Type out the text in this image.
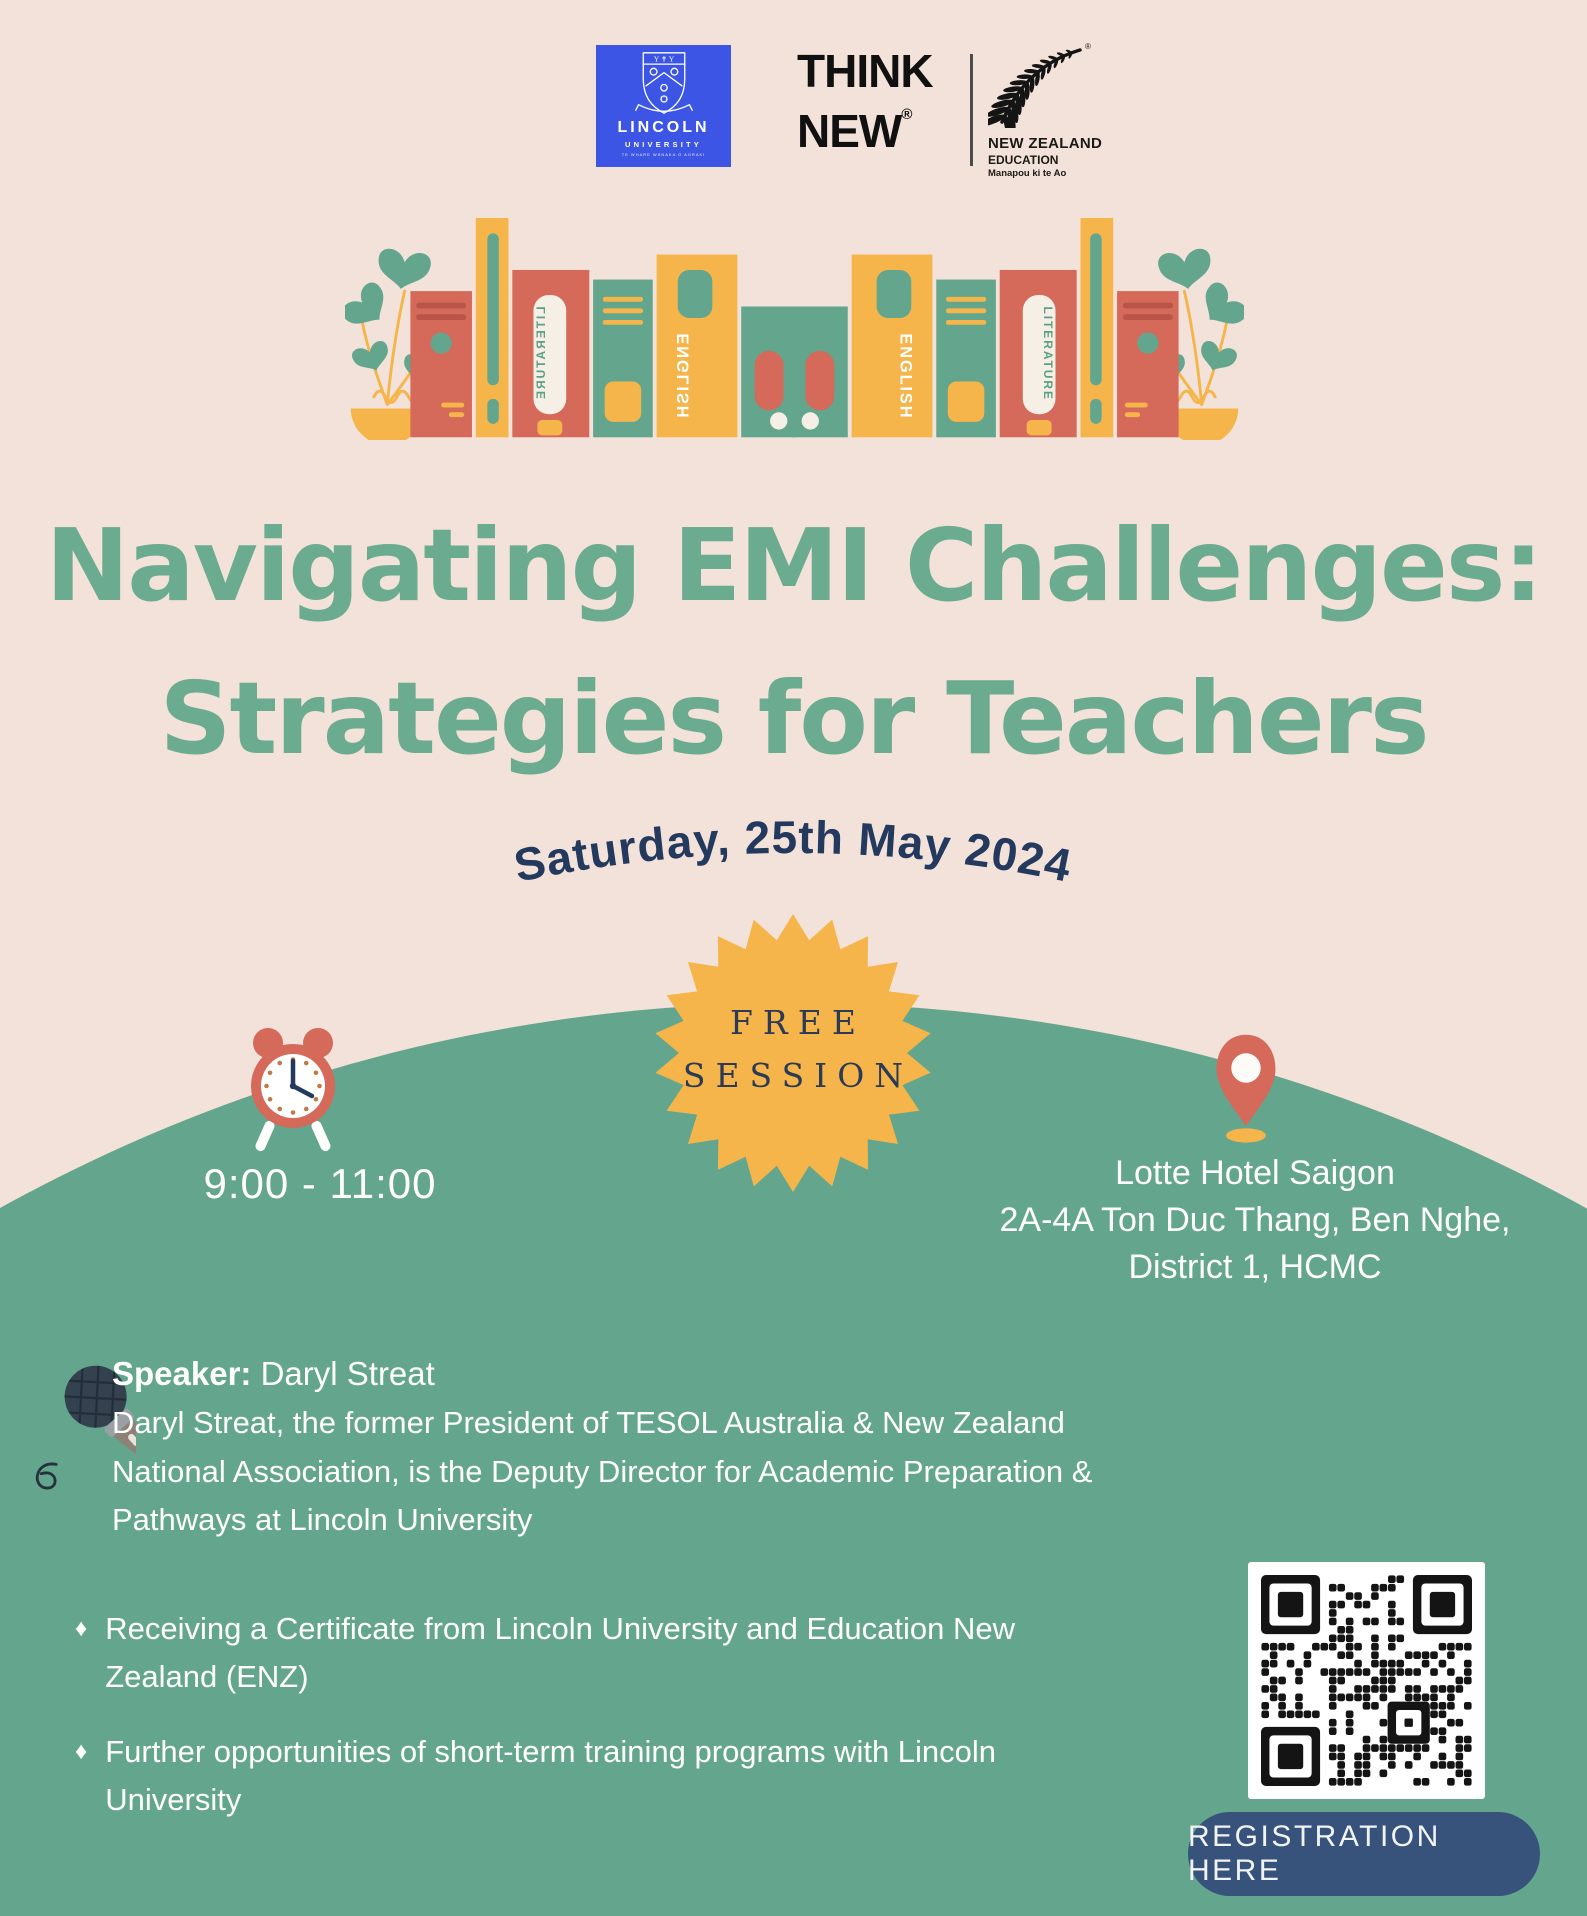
Y ✝ Y
LINCOLN
UNIVERSITY
TE WHARE WĀNAKA O AORAKI
THINK
NEW®
®
NEW ZEALAND
EDUCATION
Manapou ki te Ao
ENGLISH
LITERATURE	ENGLISH	LITERATURE
Navigating EMI Challenges:
Strategies for Teachers
Saturday, 25th May 2024
FREE
SESSION
9:00 - 11:00	Lotte Hotel Saigon
2A-4A Ton Duc Thang, Ben Nghe,
District 1, HCMC
Speaker: Daryl Streat
Daryl Streat, the former President of TESOL Australia & New Zealand National Association, is the Deputy Director for Academic Preparation & Pathways at Lincoln University
♦ Receiving a Certificate from Lincoln University and Education New Zealand (ENZ)
♦ Further opportunities of short-term training programs with Lincoln University
REGISTRATION HERE
